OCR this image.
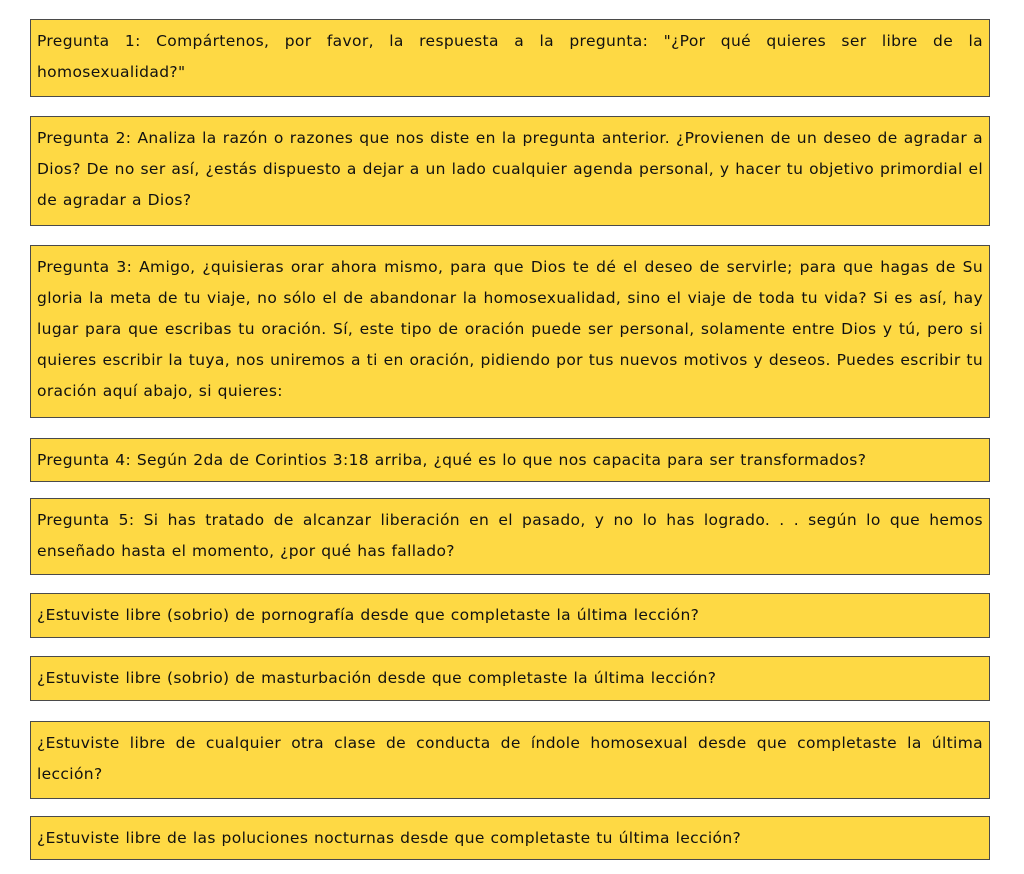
Pregunta 1: Compártenos, por favor, la respuesta a la pregunta: "¿Por qué quieres ser libre de la homosexualidad?"
Pregunta 2: Analiza la razón o razones que nos diste en la pregunta anterior. ¿Provienen de un deseo de agradar a Dios? De no ser así, ¿estás dispuesto a dejar a un lado cualquier agenda personal, y hacer tu objetivo primordial el de agradar a Dios?
Pregunta 3: Amigo, ¿quisieras orar ahora mismo, para que Dios te dé el deseo de servirle; para que hagas de Su gloria la meta de tu viaje, no sólo el de abandonar la homosexualidad, sino el viaje de toda tu vida? Si es así, hay lugar para que escribas tu oración. Sí, este tipo de oración puede ser personal, solamente entre Dios y tú, pero si quieres escribir la tuya, nos uniremos a ti en oración, pidiendo por tus nuevos motivos y deseos. Puedes escribir tu oración aquí abajo, si quieres:
Pregunta 4: Según 2da de Corintios 3:18 arriba, ¿qué es lo que nos capacita para ser transformados?
Pregunta 5: Si has tratado de alcanzar liberación en el pasado, y no lo has logrado. . . según lo que hemos enseñado hasta el momento, ¿por qué has fallado?
¿Estuviste libre (sobrio) de pornografía desde que completaste la última lección?
¿Estuviste libre (sobrio) de masturbación desde que completaste la última lección?
¿Estuviste libre de cualquier otra clase de conducta de índole homosexual desde que completaste la última lección?
¿Estuviste libre de las poluciones nocturnas desde que completaste tu última lección?
